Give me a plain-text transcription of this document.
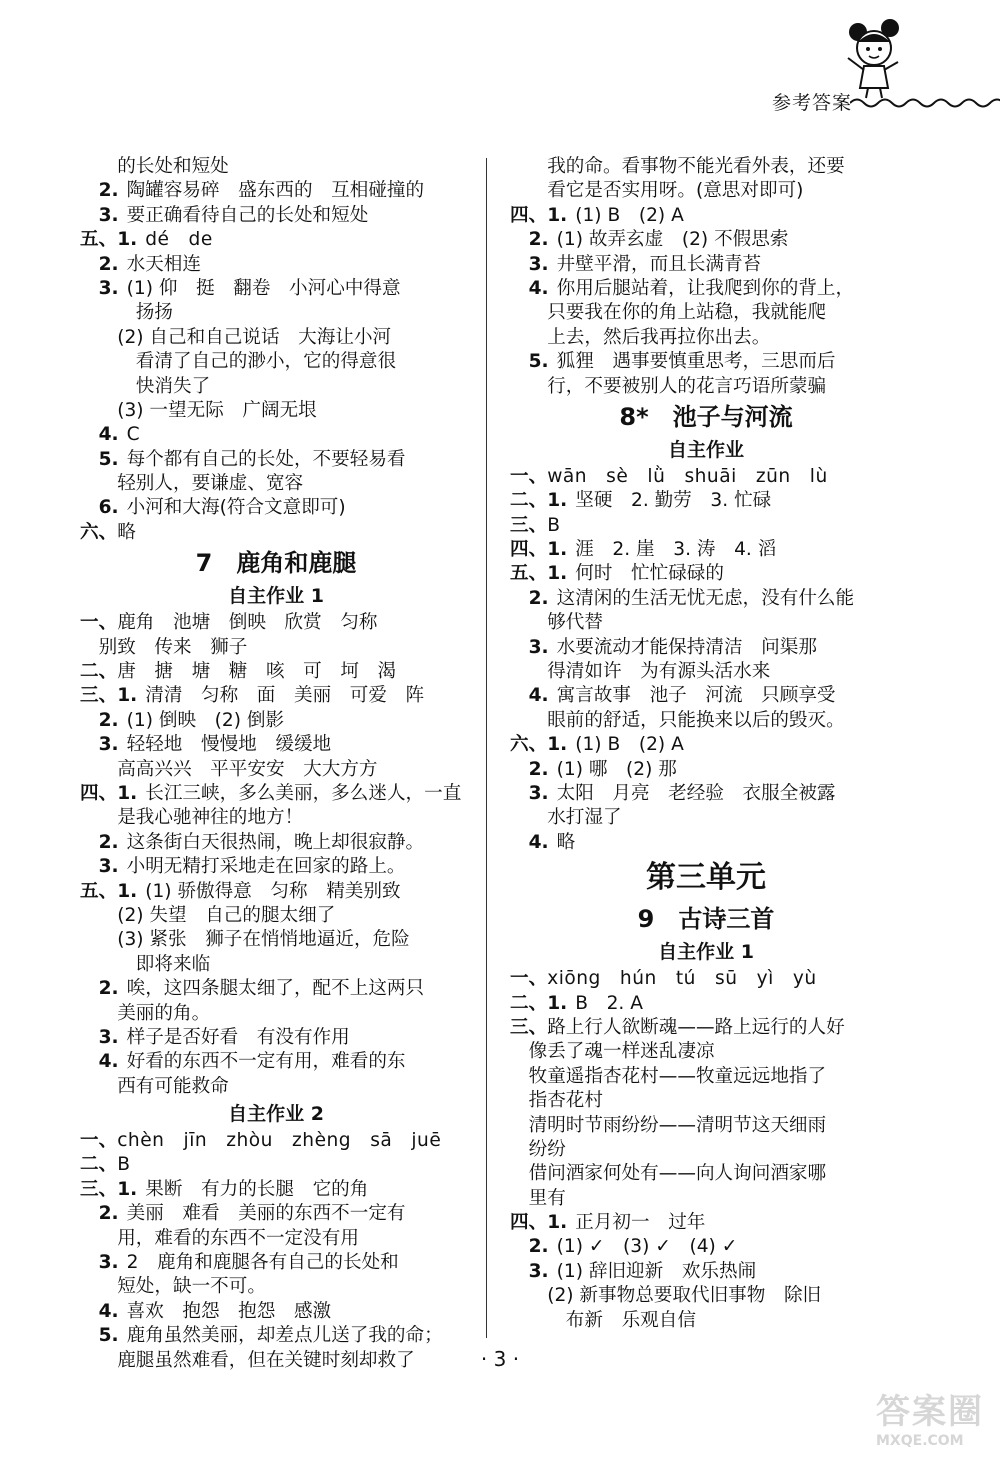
参考答案
的长处和短处
2. 陶罐容易碎　盛东西的　互相碰撞的
3. 要正确看待自己的长处和短处
五、1. dé　de
2. 水天相连
3. (1) 仰　挺　翻卷　小河心中得意
扬扬
(2) 自己和自己说话　大海让小河
看清了自己的渺小，它的得意很
快消失了
(3) 一望无际　广阔无垠
4. C
5. 每个都有自己的长处，不要轻易看
轻别人，要谦虚、宽容
6. 小河和大海(符合文意即可)
六、略
7　鹿角和鹿腿
自主作业 1
一、鹿角　池塘　倒映　欣赏　匀称
别致　传来　狮子
二、唐　搪　塘　糖　咳　可　坷　渴
三、1. 清清　匀称　面　美丽　可爱　阵
2. (1) 倒映　(2) 倒影
3. 轻轻地　慢慢地　缓缓地
高高兴兴　平平安安　大大方方
四、1. 长江三峡，多么美丽，多么迷人，一直
是我心驰神往的地方！
2. 这条街白天很热闹，晚上却很寂静。
3. 小明无精打采地走在回家的路上。
五、1. (1) 骄傲得意　匀称　精美别致
(2) 失望　自己的腿太细了
(3) 紧张　狮子在悄悄地逼近，危险
即将来临
2. 唉，这四条腿太细了，配不上这两只
美丽的角。
3. 样子是否好看　有没有作用
4. 好看的东西不一定有用，难看的东
西有可能救命
自主作业 2
一、chèn　jīn　zhòu　zhèng　sā　juē
二、B
三、1. 果断　有力的长腿　它的角
2. 美丽　难看　美丽的东西不一定有
用，难看的东西不一定没有用
3. 2　鹿角和鹿腿各有自己的长处和
短处，缺一不可。
4. 喜欢　抱怨　抱怨　感激
5. 鹿角虽然美丽，却差点儿送了我的命；
鹿腿虽然难看，但在关键时刻却救了
我的命。看事物不能光看外表，还要
看它是否实用呀。(意思对即可)
四、1. (1) B　(2) A
2. (1) 故弄玄虚　(2) 不假思索
3. 井壁平滑，而且长满青苔
4. 你用后腿站着，让我爬到你的背上，
只要我在你的角上站稳，我就能爬
上去，然后我再拉你出去。
5. 狐狸　遇事要慎重思考，三思而后
行，不要被别人的花言巧语所蒙骗
8*　池子与河流
自主作业
一、wān　sè　lǜ　shuāi　zūn　lù
二、1. 坚硬　2. 勤劳　3. 忙碌
三、B
四、1. 涯　2. 崖　3. 涛　4. 滔
五、1. 何时　忙忙碌碌的
2. 这清闲的生活无忧无虑，没有什么能
够代替
3. 水要流动才能保持清洁　问渠那
得清如许　为有源头活水来
4. 寓言故事　池子　河流　只顾享受
眼前的舒适，只能换来以后的毁灭。
六、1. (1) B　(2) A
2. (1) 哪　(2) 那
3. 太阳　月亮　老经验　衣服全被露
水打湿了
4. 略
第三单元
9　古诗三首
自主作业 1
一、xiōng　hún　tú　sū　yì　yù
二、1. B　2. A
三、路上行人欲断魂——路上远行的人好
像丢了魂一样迷乱凄凉
牧童遥指杏花村——牧童远远地指了
指杏花村
清明时节雨纷纷——清明节这天细雨
纷纷
借问酒家何处有——向人询问酒家哪
里有
四、1. 正月初一　过年
2. (1) ✓　(3) ✓　(4) ✓
3. (1) 辞旧迎新　欢乐热闹
(2) 新事物总要取代旧事物　除旧
布新　乐观自信
· 3 ·
答案圈
MXQE.COM
